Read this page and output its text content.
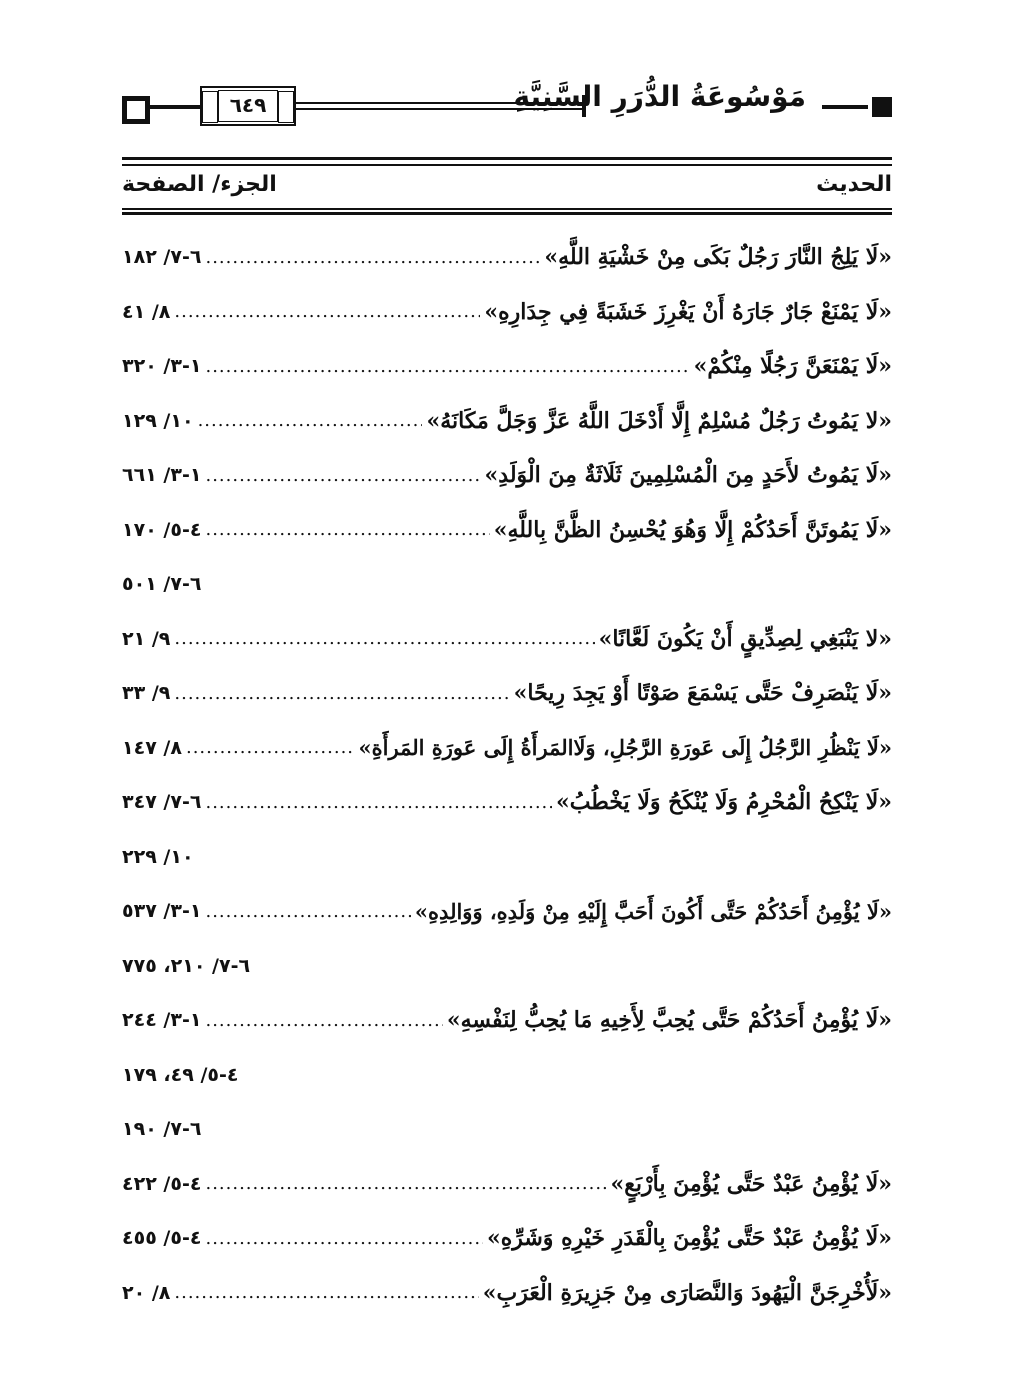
٦٤٩	مَوْسُوعَةُ الدُّرَرِ السَّنِيَّةِ
الحديث
الجزء/ الصفحة
«لَا يَلِجُ النَّارَ رَجُلٌ بَكَى مِنْ خَشْيَةِ اللَّهِ»
.....
٦-٧/ ١٨٢
«لَا يَمْنَعْ جَارٌ جَارَهُ أَنْ يَغْرِزَ خَشَبَةً فِي جِدَارِهِ»
.....
٨/ ٤١
«لَا يَمْنَعَنَّ رَجُلًا مِنْكُمْ»
.....
١-٣/ ٣٢٠
«لا يَمُوتُ رَجُلٌ مُسْلِمٌ إِلَّا أَدْخَلَ اللَّهُ عَزَّ وَجَلَّ مَكَانَهُ»
.....
١٠/ ١٢٩
«لَا يَمُوتُ لأَحَدٍ مِنَ الْمُسْلِمِينَ ثَلَاثَةٌ مِنَ الْوَلَدِ»
.....
١-٣/ ٦٦١
«لَا يَمُوتَنَّ أَحَدُكُمْ إِلَّا وَهُوَ يُحْسِنُ الظَّنَّ بِاللَّهِ»
.....
٤-٥/ ١٧٠
٦-٧/ ٥٠١
«لا يَنْبَغِي لِصِدِّيقٍ أَنْ يَكُونَ لَعَّانًا»
.....
٩/ ٢١
«لَا يَنْصَرِفْ حَتَّى يَسْمَعَ صَوْتًا أَوْ يَجِدَ رِيحًا»
.....
٩/ ٣٣
«لَا يَنْظُرِ الرَّجُلُ إِلَى عَورَةِ الرَّجُلِ، وَلَاالمَرأَةُ إِلَى عَورَةِ المَرأَةِ»
.....
٨/ ١٤٧
«لَا يَنْكِحُ الْمُحْرِمُ وَلَا يُنْكَحُ وَلَا يَخْطُبُ»
.....
٦-٧/ ٣٤٧
١٠/ ٢٢٩
«لَا يُؤْمِنُ أَحَدُكُمْ حَتَّى أَكُونَ أَحَبَّ إِلَيْهِ مِنْ وَلَدِهِ، وَوَالِدِهِ»
.....
١-٣/ ٥٣٧
٦-٧/ ٢١٠، ٧٧٥
«لَا يُؤْمِنُ أَحَدُكُمْ حَتَّى يُحِبَّ لِأَخِيهِ مَا يُحِبُّ لِنَفْسِهِ»
.....
١-٣/ ٢٤٤
٤-٥/ ٤٩، ١٧٩
٦-٧/ ١٩٠
«لَا يُؤْمِنُ عَبْدٌ حَتَّى يُؤْمِنَ بِأَرْبَعٍ»
.....
٤-٥/ ٤٢٢
«لَا يُؤْمِنُ عَبْدٌ حَتَّى يُؤْمِنَ بِالْقَدَرِ خَيْرِهِ وَشَرِّهِ»
.....
٤-٥/ ٤٥٥
«لَأُخْرِجَنَّ الْيَهُودَ وَالنَّصَارَى مِنْ جَزِيرَةِ الْعَرَبِ»
.....
٨/ ٢٠
